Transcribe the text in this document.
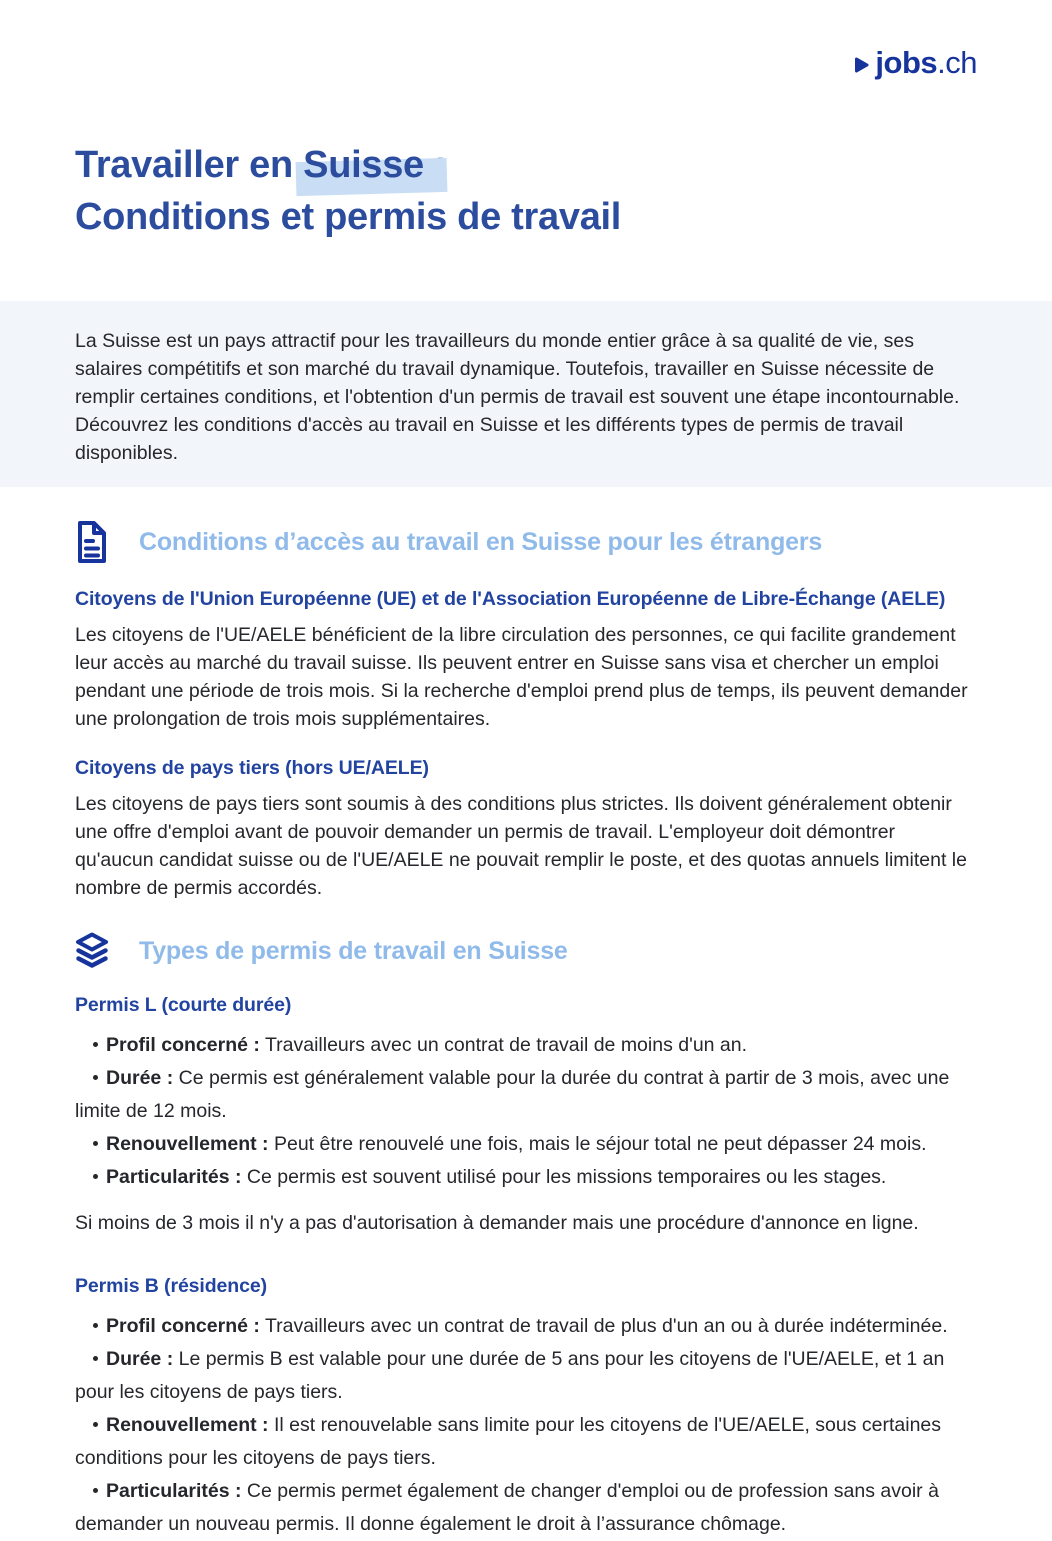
jobs.ch
Travailler en Suisse :
Conditions et permis de travail

La Suisse est un pays attractif pour les travailleurs du monde entier grâce à sa qualité de vie, ses salaires compétitifs et son marché du travail dynamique. Toutefois, travailler en Suisse nécessite de remplir certaines conditions, et l'obtention d'un permis de travail est souvent une étape incontournable. Découvrez les conditions d'accès au travail en Suisse et les différents types de permis de travail disponibles.

Conditions d’accès au travail en Suisse pour les étrangers
Citoyens de l'Union Européenne (UE) et de l'Association Européenne de Libre-Échange (AELE)

Les citoyens de l'UE/AELE bénéficient de la libre circulation des personnes, ce qui facilite grandement leur accès au marché du travail suisse. Ils peuvent entrer en Suisse sans visa et chercher un emploi pendant une période de trois mois. Si la recherche d'emploi prend plus de temps, ils peuvent demander une prolongation de trois mois supplémentaires.

Citoyens de pays tiers (hors UE/AELE)

Les citoyens de pays tiers sont soumis à des conditions plus strictes. Ils doivent généralement obtenir une offre d'emploi avant de pouvoir demander un permis de travail. L'employeur doit démontrer qu'aucun candidat suisse ou de l'UE/AELE ne pouvait remplir le poste, et des quotas annuels limitent le nombre de permis accordés.

Types de permis de travail en Suisse
Permis L (courte durée)

Profil concerné : Travailleurs avec un contrat de travail de moins d'un an.

Durée : Ce permis est généralement valable pour la durée du contrat à partir de 3 mois, avec une limite de 12 mois.

Renouvellement : Peut être renouvelé une fois, mais le séjour total ne peut dépasser 24 mois.

Particularités : Ce permis est souvent utilisé pour les missions temporaires ou les stages.

Si moins de 3 mois il n'y a pas d'autorisation à demander mais une procédure d'annonce en ligne.

Permis B (résidence)

Profil concerné : Travailleurs avec un contrat de travail de plus d'un an ou à durée indéterminée.

Durée : Le permis B est valable pour une durée de 5 ans pour les citoyens de l'UE/AELE, et 1 an pour les citoyens de pays tiers.

Renouvellement : Il est renouvelable sans limite pour les citoyens de l'UE/AELE, sous certaines conditions pour les citoyens de pays tiers.

Particularités : Ce permis permet également de changer d'emploi ou de profession sans avoir à demander un nouveau permis. Il donne également le droit à l’assurance chômage.
